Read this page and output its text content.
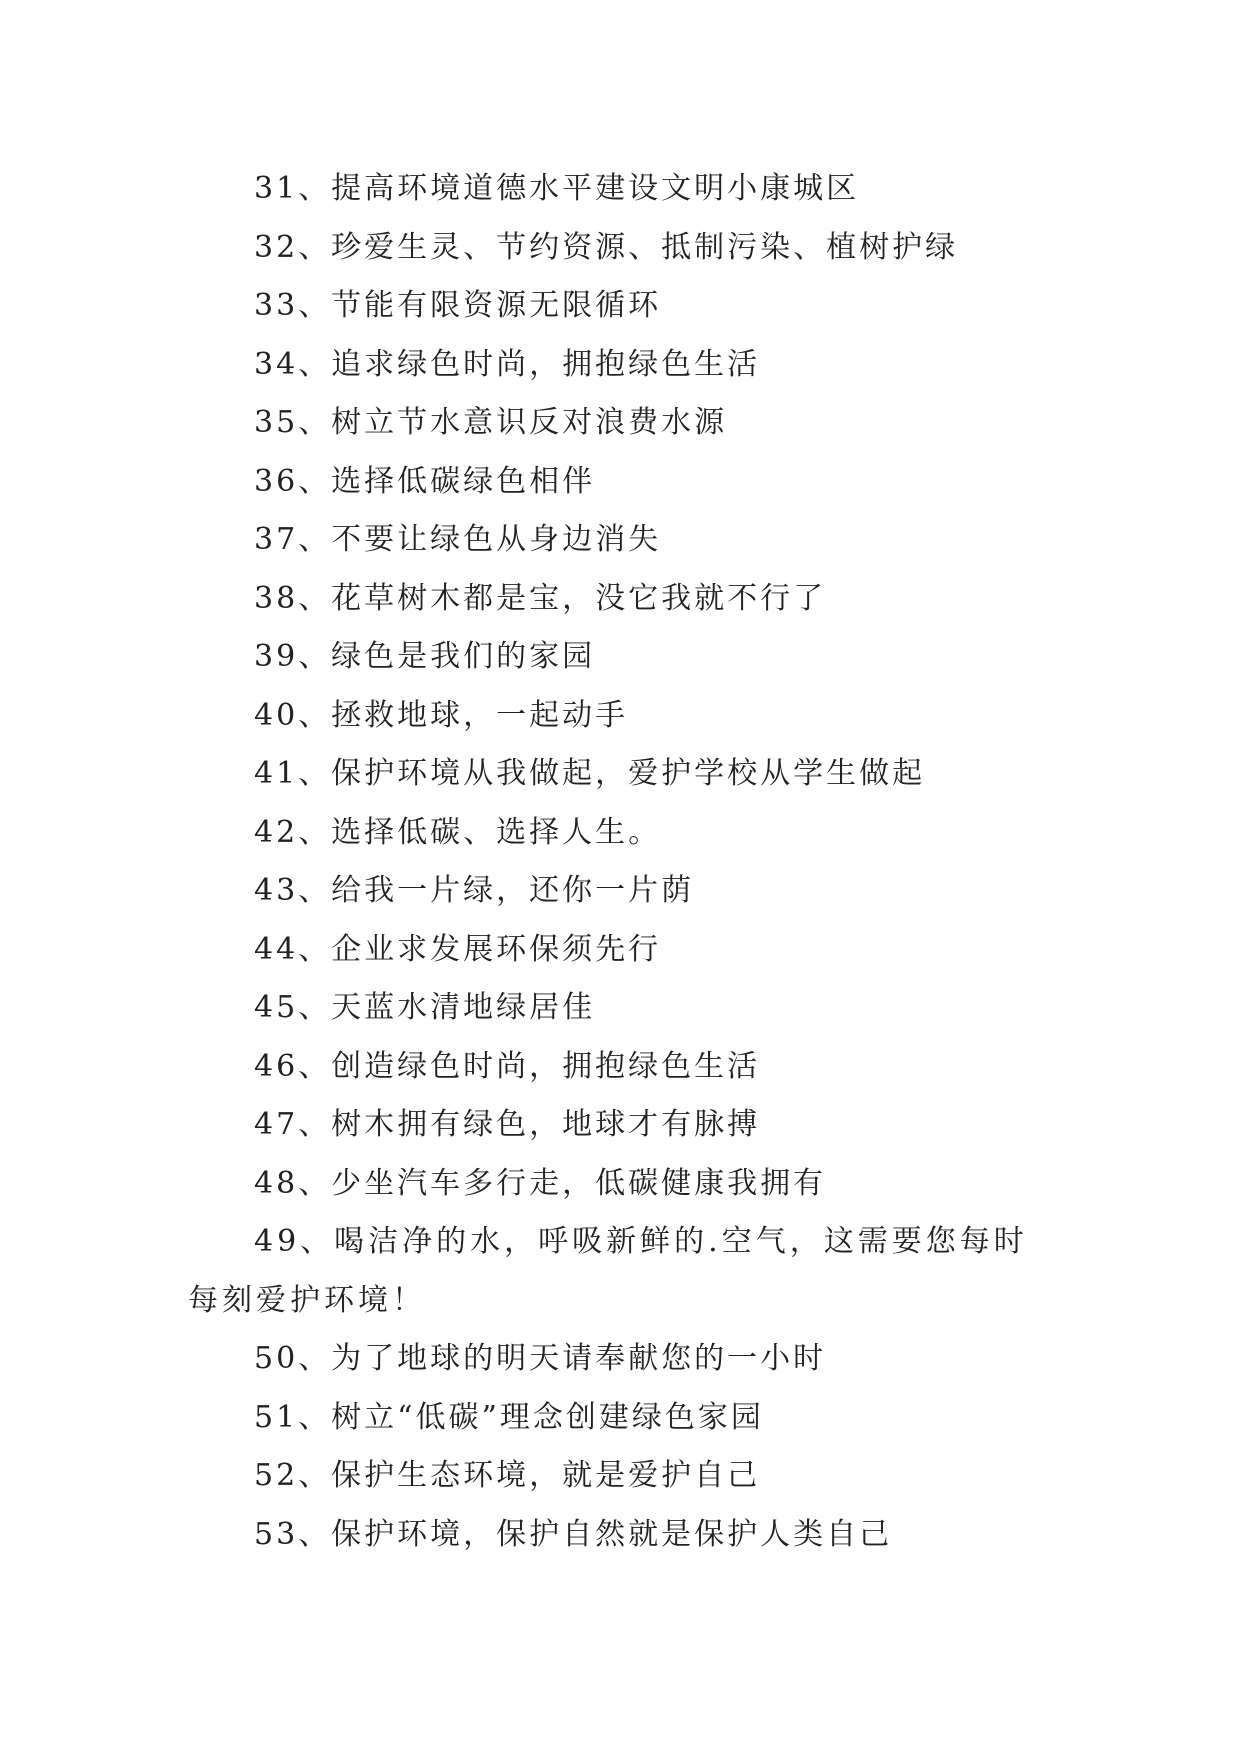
31、提高环境道德水平建设文明小康城区

32、珍爱生灵、节约资源、抵制污染、植树护绿

33、节能有限资源无限循环

34、追求绿色时尚，拥抱绿色生活

35、树立节水意识反对浪费水源

36、选择低碳绿色相伴

37、不要让绿色从身边消失

38、花草树木都是宝，没它我就不行了

39、绿色是我们的家园

40、拯救地球，一起动手

41、保护环境从我做起，爱护学校从学生做起

42、选择低碳、选择人生。

43、给我一片绿，还你一片荫

44、企业求发展环保须先行

45、天蓝水清地绿居佳

46、创造绿色时尚，拥抱绿色生活

47、树木拥有绿色，地球才有脉搏

48、少坐汽车多行走，低碳健康我拥有

49、喝洁净的水，呼吸新鲜的.空气，这需要您每时每刻爱护环境！

50、为了地球的明天请奉献您的一小时

51、树立“低碳”理念创建绿色家园

52、保护生态环境，就是爱护自己

53、保护环境，保护自然就是保护人类自己
